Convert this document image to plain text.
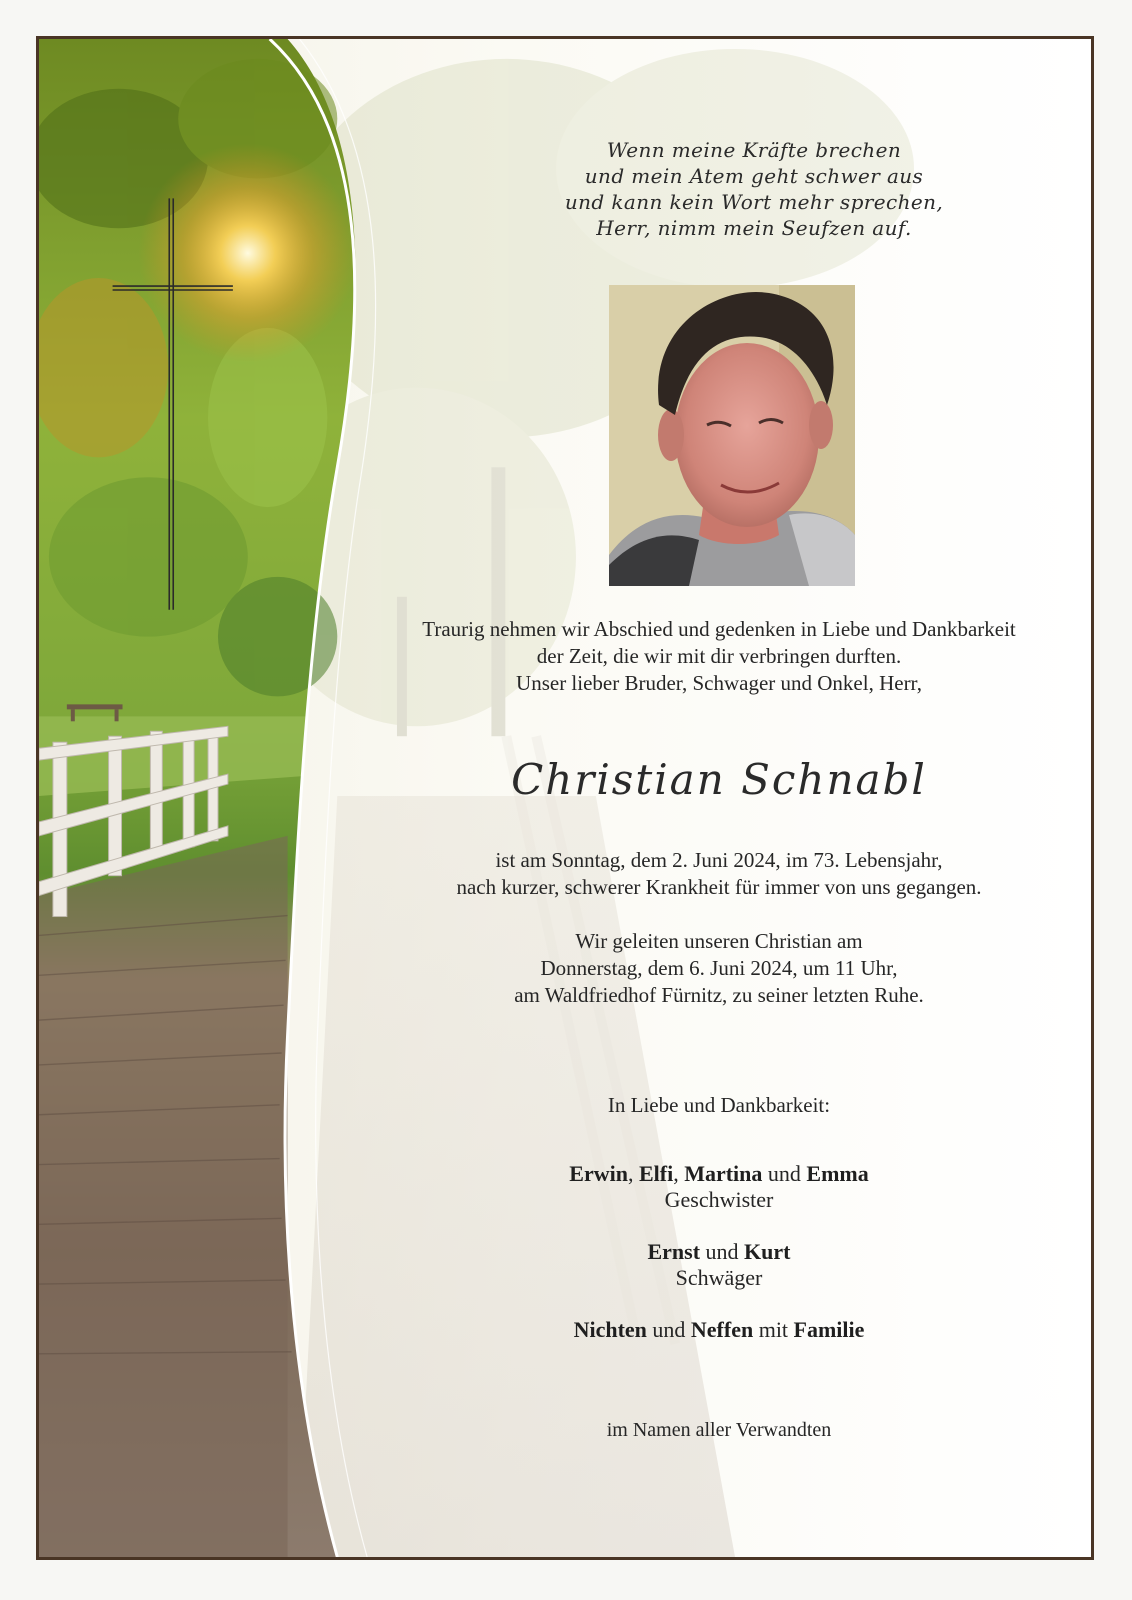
Wenn meine Kräfte brechen
und mein Atem geht schwer aus
und kann kein Wort mehr sprechen,
Herr, nimm mein Seufzen auf.
Traurig nehmen wir Abschied und gedenken in Liebe und Dankbarkeit
der Zeit, die wir mit dir verbringen durften.
Unser lieber Bruder, Schwager und Onkel, Herr,
Christian Schnabl
ist am Sonntag, dem 2. Juni 2024, im 73. Lebensjahr,
nach kurzer, schwerer Krankheit für immer von uns gegangen.
Wir geleiten unseren Christian am
Donnerstag, dem 6. Juni 2024, um 11 Uhr,
am Waldfriedhof Fürnitz, zu seiner letzten Ruhe.
In Liebe und Dankbarkeit:
Erwin, Elfi, Martina und Emma
Geschwister
Ernst und Kurt
Schwäger
Nichten und Neffen mit Familie
im Namen aller Verwandten
